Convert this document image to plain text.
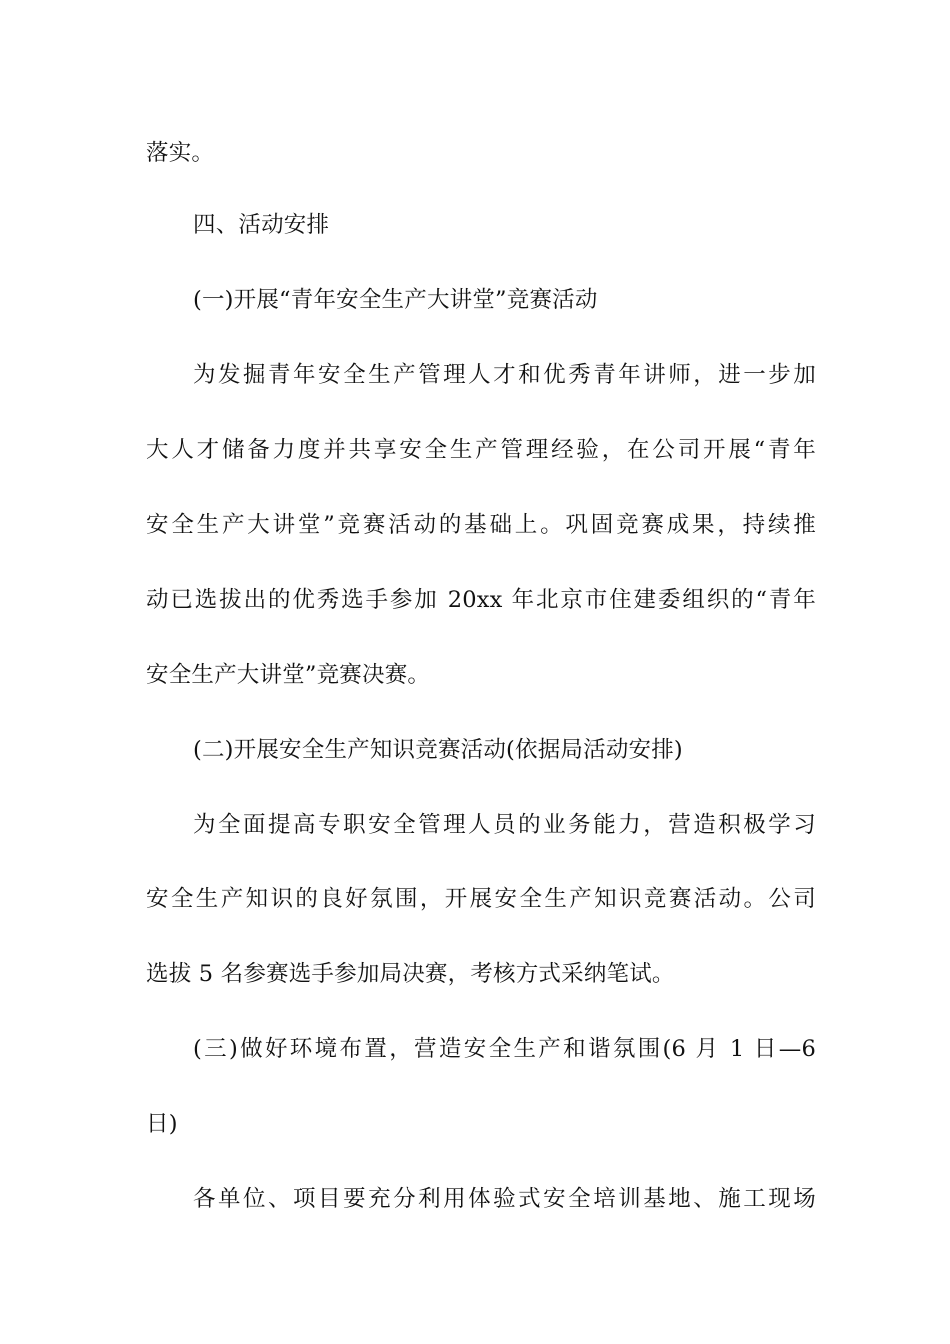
落实。
四、活动安排
(一)开展“青年安全生产大讲堂”竞赛活动
为发掘青年安全生产管理人才和优秀青年讲师，进一步加
大人才储备力度并共享安全生产管理经验，在公司开展“青年
安全生产大讲堂”竞赛活动的基础上。巩固竞赛成果，持续推
动已选拔出的优秀选手参加 20xx 年北京市住建委组织的“青年
安全生产大讲堂”竞赛决赛。
(二)开展安全生产知识竞赛活动(依据局活动安排)
为全面提高专职安全管理人员的业务能力，营造积极学习
安全生产知识的良好氛围，开展安全生产知识竞赛活动。公司
选拔 5 名参赛选手参加局决赛，考核方式采纳笔试。
(三)做好环境布置，营造安全生产和谐氛围(6 月 1 日—6
日)
各单位、项目要充分利用体验式安全培训基地、施工现场
